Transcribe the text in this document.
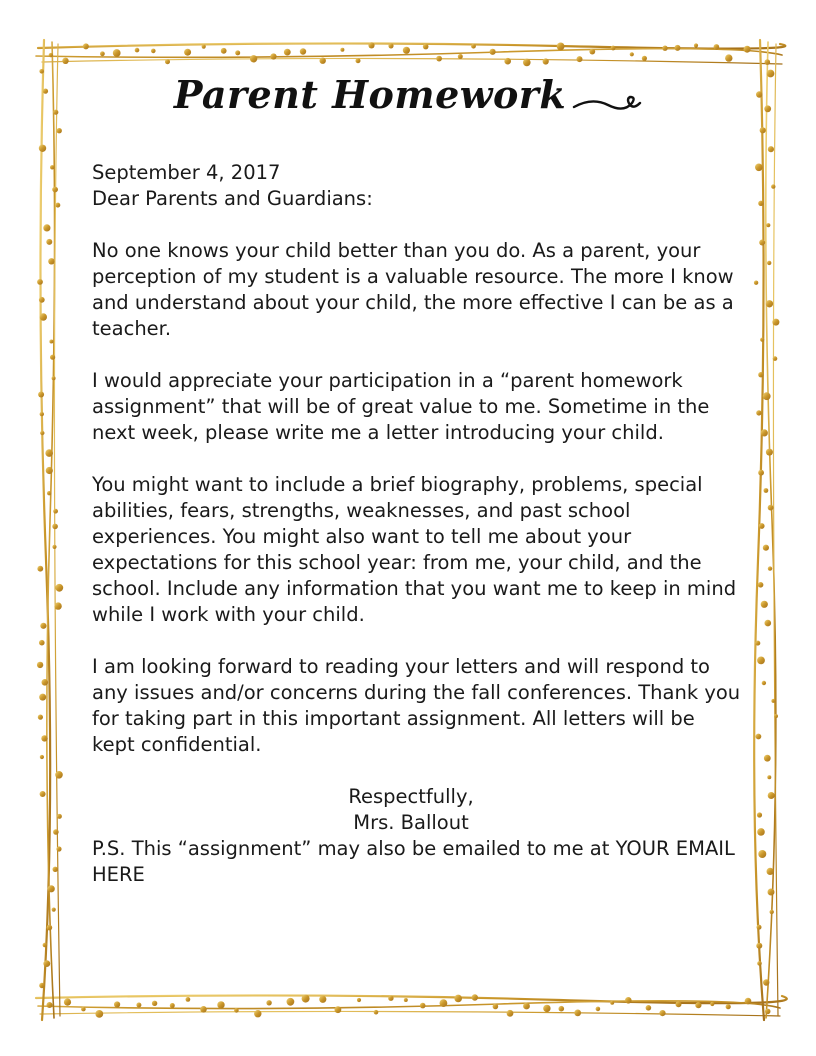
Parent Homework

September 4, 2017
Dear Parents and Guardians:

No one knows your child better than you do. As a parent, your perception of my student is a valuable resource. The more I know and understand about your child, the more effective I can be as a teacher.

I would appreciate your participation in a “parent homework assignment” that will be of great value to me. Sometime in the next week, please write me a letter introducing your child.

You might want to include a brief biography, problems, special abilities, fears, strengths, weaknesses, and past school experiences. You might also want to tell me about your expectations for this school year: from me, your child, and the school. Include any information that you want me to keep in mind while I work with your child.

I am looking forward to reading your letters and will respond to any issues and/or concerns during the fall conferences. Thank you for taking part in this important assignment. All letters will be kept confidential.

Respectfully,
Mrs. Ballout

P.S. This “assignment” may also be emailed to me at YOUR EMAIL HERE
